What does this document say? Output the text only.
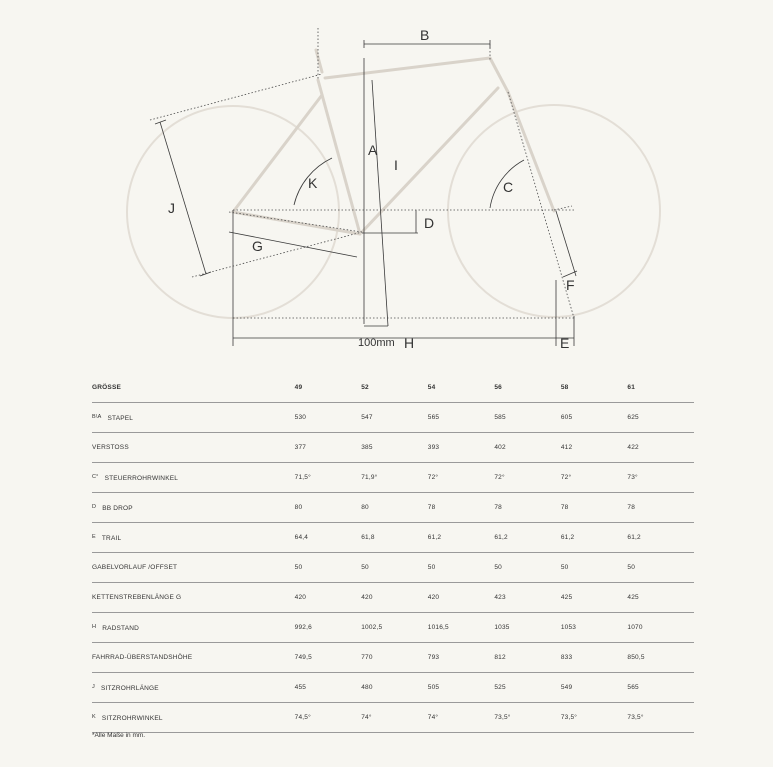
B
A
I
K	C
D
J
G
F
H	E
100mm
GRÖSSE	49	52	54	56	58	61
B\A STAPEL	530	547	565	585	605	625
VERSTOSS	377	385	393	402	412	422
C° STEUERROHRWINKEL	71,5°	71,9°	72°	72°	72°	73°
D BB DROP	80	80	78	78	78	78
E TRAIL	64,4	61,8	61,2	61,2	61,2	61,2
GABELVORLAUF /OFFSET	50	50	50	50	50	50
KETTENSTREBENLÄNGE G	420	420	420	423	425	425
H RADSTAND	992,6	1002,5	1016,5	1035	1053	1070
FAHRRAD-ÜBERSTANDSHÖHE	749,5	770	793	812	833	850,5
J SITZROHRLÄNGE	455	480	505	525	549	565
K SITZROHRWINKEL	74,5°	74°	74°	73,5°	73,5°	73,5°
*Alle Maße in mm.
